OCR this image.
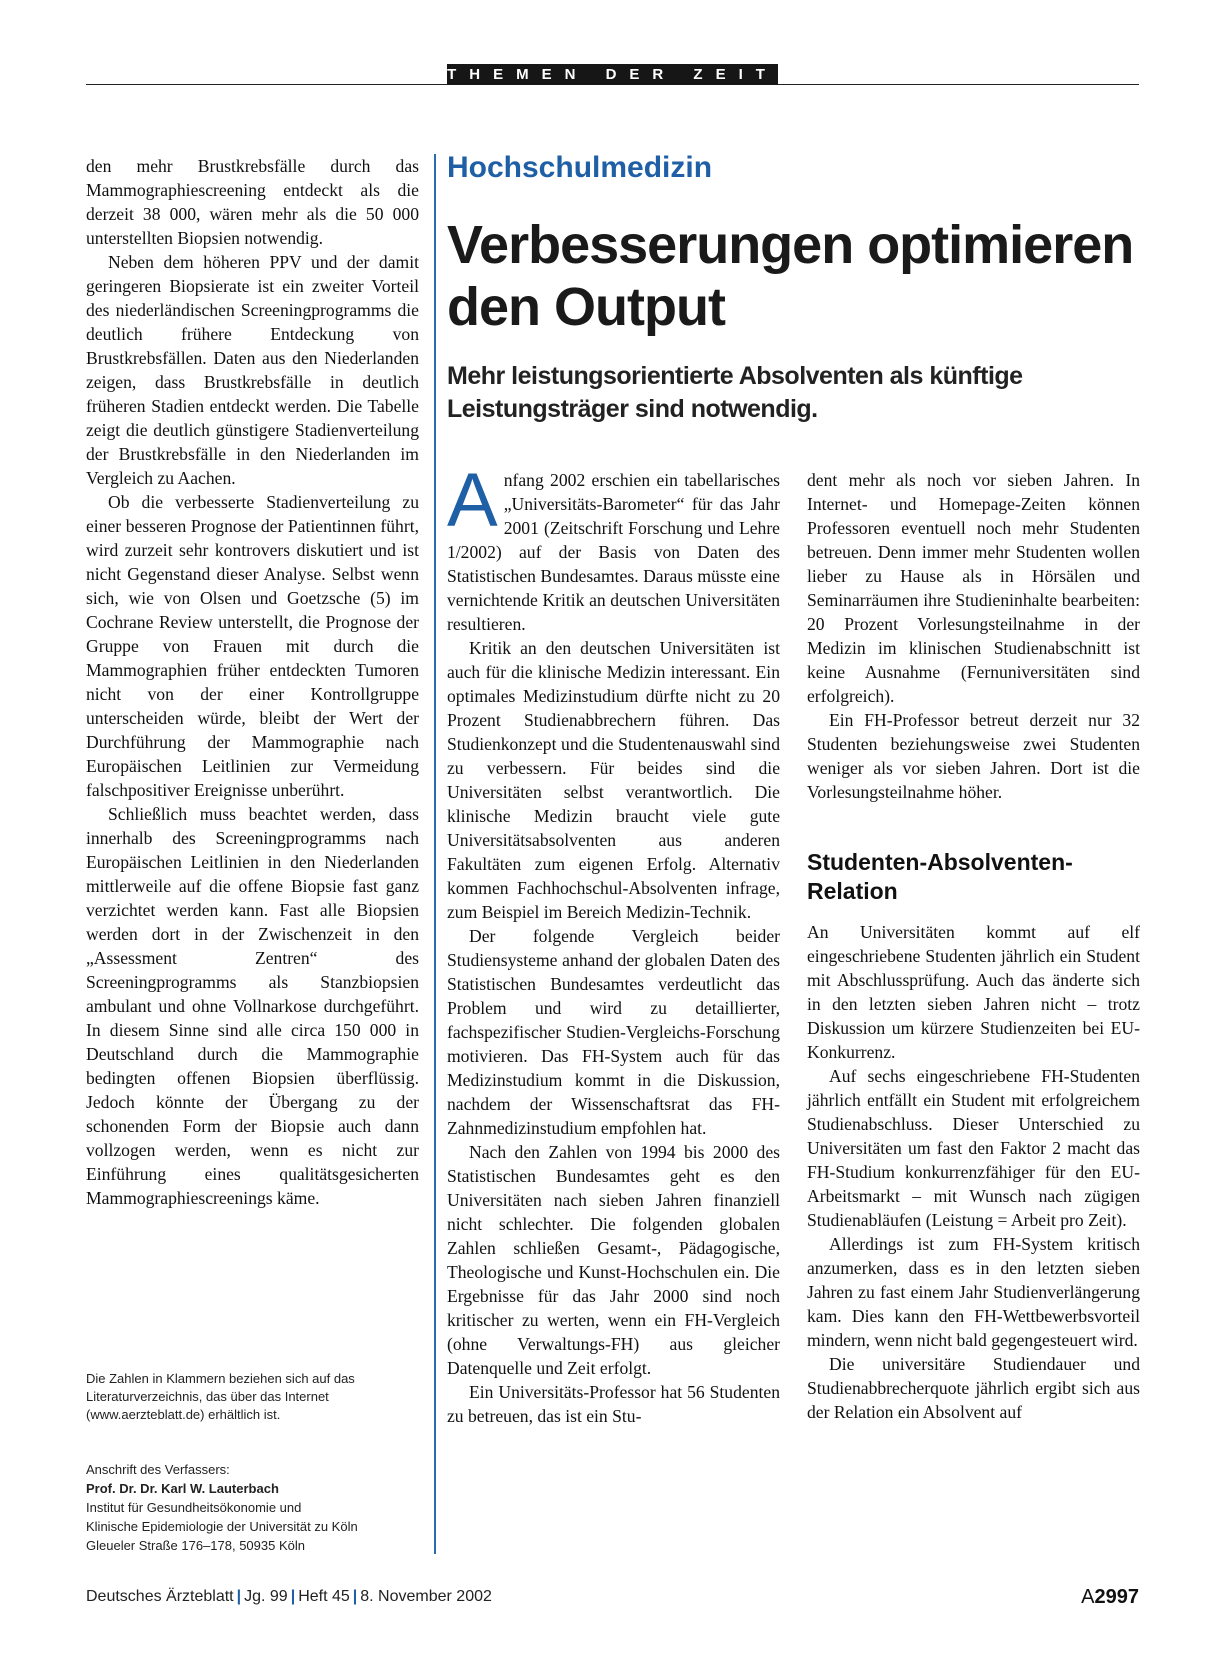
THEMEN DER ZEIT

den mehr Brustkrebsfälle durch das Mammographiescreening entdeckt als die derzeit 38 000, wären mehr als die 50 000 unterstellten Biopsien notwendig.

Neben dem höheren PPV und der damit geringeren Biopsierate ist ein zweiter Vorteil des niederländischen Screeningprogramms die deutlich frühere Entdeckung von Brustkrebsfällen. Daten aus den Niederlanden zeigen, dass Brustkrebsfälle in deutlich früheren Stadien entdeckt werden. Die Tabelle zeigt die deutlich günstigere Stadienverteilung der Brustkrebsfälle in den Niederlanden im Vergleich zu Aachen.

Ob die verbesserte Stadienverteilung zu einer besseren Prognose der Patientinnen führt, wird zurzeit sehr kontrovers diskutiert und ist nicht Gegenstand dieser Analyse. Selbst wenn sich, wie von Olsen und Goetzsche (5) im Cochrane Review unterstellt, die Prognose der Gruppe von Frauen mit durch die Mammographien früher entdeckten Tumoren nicht von der einer Kontrollgruppe unterscheiden würde, bleibt der Wert der Durchführung der Mammographie nach Europäischen Leitlinien zur Vermeidung falschpositiver Ereignisse unberührt.

Schließlich muss beachtet werden, dass innerhalb des Screeningprogramms nach Europäischen Leitlinien in den Niederlanden mittlerweile auf die offene Biopsie fast ganz verzichtet werden kann. Fast alle Biopsien werden dort in der Zwischenzeit in den „Assessment Zentren“ des Screeningprogramms als Stanzbiopsien ambulant und ohne Vollnarkose durchgeführt. In diesem Sinne sind alle circa 150 000 in Deutschland durch die Mammographie bedingten offenen Biopsien überflüssig. Jedoch könnte der Übergang zu der schonenden Form der Biopsie auch dann vollzogen werden, wenn es nicht zur Einführung eines qualitätsgesicherten Mammographiescreenings käme.

Die Zahlen in Klammern beziehen sich auf das Literaturverzeichnis, das über das Internet (www.aerzteblatt.de) erhältlich ist.

Anschrift des Verfassers:
Prof. Dr. Dr. Karl W. Lauterbach
Institut für Gesundheitsökonomie und
Klinische Epidemiologie der Universität zu Köln
Gleueler Straße 176–178, 50935 Köln
Hochschulmedizin
Verbesserungen optimieren den Output
Mehr leistungsorientierte Absolventen als künftige Leistungsträger sind notwendig.

Anfang 2002 erschien ein tabellarisches „Universitäts-Barometer“ für das Jahr 2001 (Zeitschrift Forschung und Lehre 1/2002) auf der Basis von Daten des Statistischen Bundesamtes. Daraus müsste eine vernichtende Kritik an deutschen Universitäten resultieren.

Kritik an den deutschen Universitäten ist auch für die klinische Medizin interessant. Ein optimales Medizinstudium dürfte nicht zu 20 Prozent Studienabbrechern führen. Das Studienkonzept und die Studentenauswahl sind zu verbessern. Für beides sind die Universitäten selbst verantwortlich. Die klinische Medizin braucht viele gute Universitätsabsolventen aus anderen Fakultäten zum eigenen Erfolg. Alternativ kommen Fachhochschul-Absolventen infrage, zum Beispiel im Bereich Medizin-Technik.

Der folgende Vergleich beider Studiensysteme anhand der globalen Daten des Statistischen Bundesamtes verdeutlicht das Problem und wird zu detaillierter, fachspezifischer Studien-Vergleichs-Forschung motivieren. Das FH-System auch für das Medizinstudium kommt in die Diskussion, nachdem der Wissenschaftsrat das FH-Zahnmedizinstudium empfohlen hat.

Nach den Zahlen von 1994 bis 2000 des Statistischen Bundesamtes geht es den Universitäten nach sieben Jahren finanziell nicht schlechter. Die folgenden globalen Zahlen schließen Gesamt-, Pädagogische, Theologische und Kunst-Hochschulen ein. Die Ergebnisse für das Jahr 2000 sind noch kritischer zu werten, wenn ein FH-Vergleich (ohne Verwaltungs-FH) aus gleicher Datenquelle und Zeit erfolgt.

Ein Universitäts-Professor hat 56 Studenten zu betreuen, das ist ein Stu-

dent mehr als noch vor sieben Jahren. In Internet- und Homepage-Zeiten können Professoren eventuell noch mehr Studenten betreuen. Denn immer mehr Studenten wollen lieber zu Hause als in Hörsälen und Seminarräumen ihre Studieninhalte bearbeiten: 20 Prozent Vorlesungsteilnahme in der Medizin im klinischen Studienabschnitt ist keine Ausnahme (Fernuniversitäten sind erfolgreich).

Ein FH-Professor betreut derzeit nur 32 Studenten beziehungsweise zwei Studenten weniger als vor sieben Jahren. Dort ist die Vorlesungsteilnahme höher.

Studenten-Absolventen-Relation

An Universitäten kommt auf elf eingeschriebene Studenten jährlich ein Student mit Abschlussprüfung. Auch das änderte sich in den letzten sieben Jahren nicht – trotz Diskussion um kürzere Studienzeiten bei EU-Konkurrenz.

Auf sechs eingeschriebene FH-Studenten jährlich entfällt ein Student mit erfolgreichem Studienabschluss. Dieser Unterschied zu Universitäten um fast den Faktor 2 macht das FH-Studium konkurrenzfähiger für den EU-Arbeitsmarkt – mit Wunsch nach zügigen Studienabläufen (Leistung = Arbeit pro Zeit).

Allerdings ist zum FH-System kritisch anzumerken, dass es in den letzten sieben Jahren zu fast einem Jahr Studienverlängerung kam. Dies kann den FH-Wettbewerbsvorteil mindern, wenn nicht bald gegengesteuert wird.

Die universitäre Studiendauer und Studienabbrecherquote jährlich ergibt sich aus der Relation ein Absolvent auf

Deutsches Ärzteblatt | Jg. 99 | Heft 45 | 8. November 2002	A2997
